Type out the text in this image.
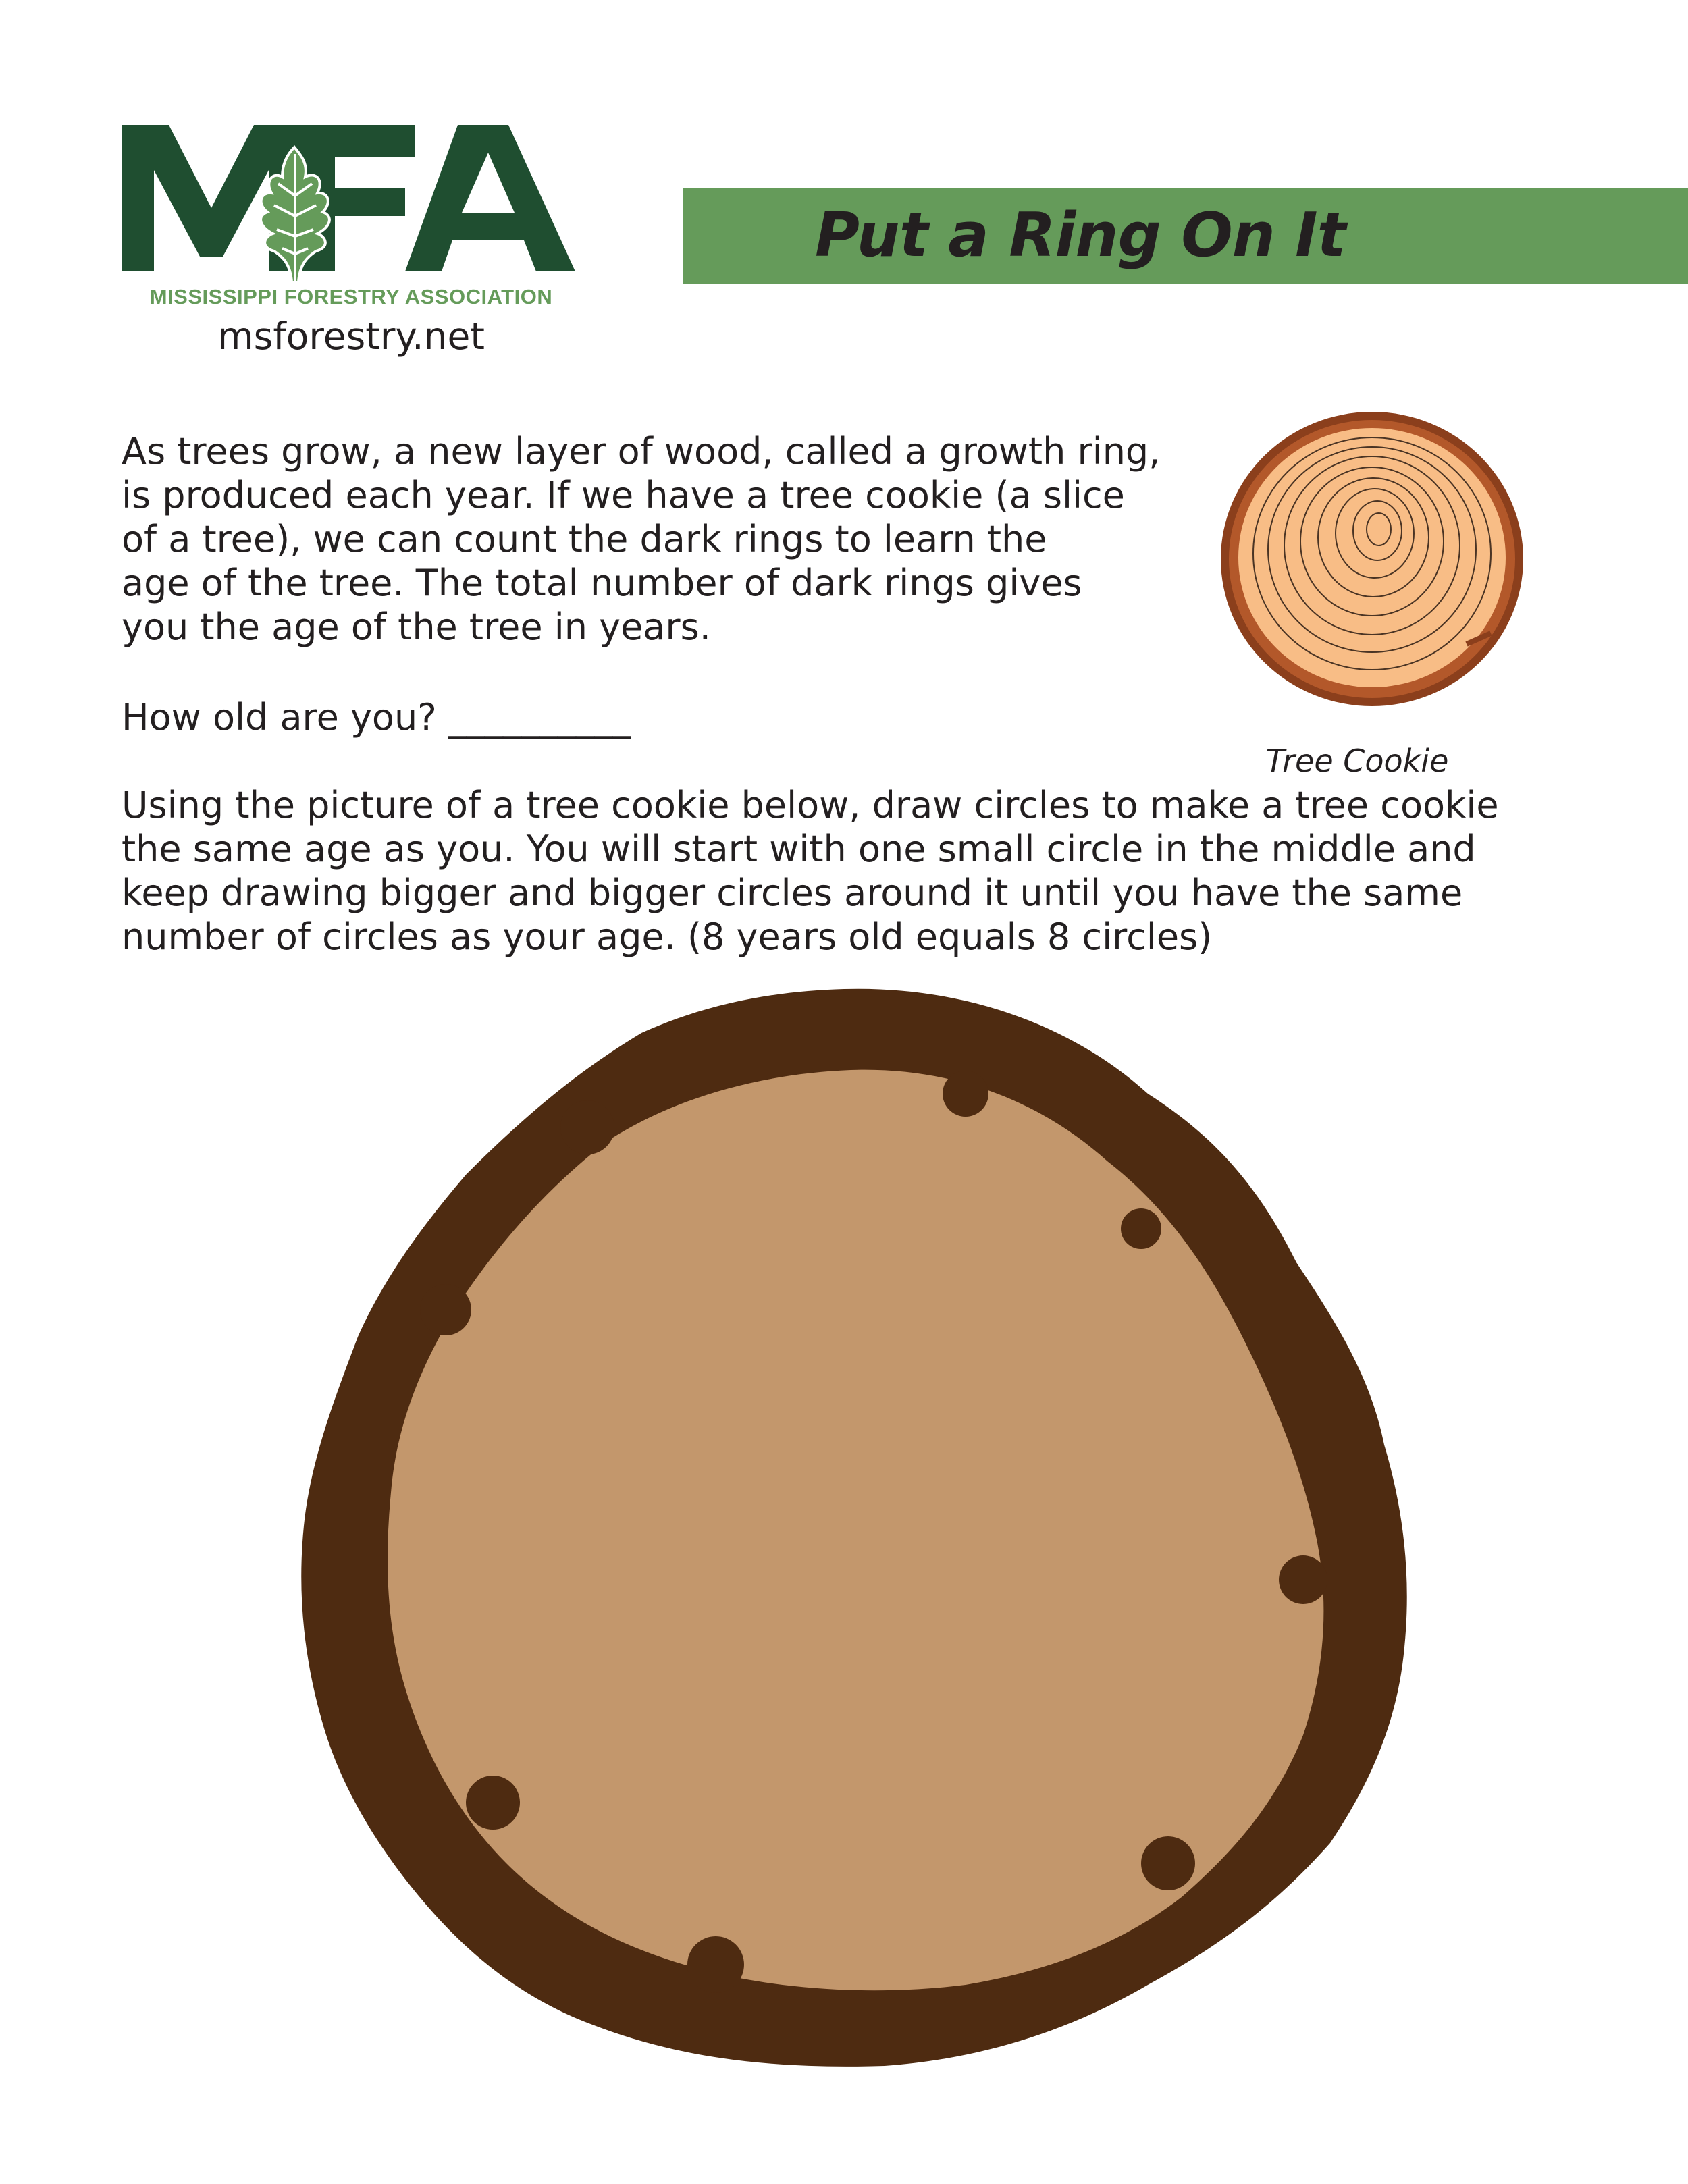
MISSISSIPPI FORESTRY ASSOCIATION
msforestry.net
Put a Ring On It

As trees grow, a new layer of wood, called a growth ring,
is produced each year. If we have a tree cookie (a slice
of a tree), we can count the dark rings to learn the
age of the tree. The total number of dark rings gives
you the age of the tree in years.

How old are you? __________

Using the picture of a tree cookie below, draw circles to make a tree cookie
the same age as you. You will start with one small circle in the middle and
keep drawing bigger and bigger circles around it until you have the same
number of circles as your age. (8 years old equals 8 circles)

Tree Cookie
